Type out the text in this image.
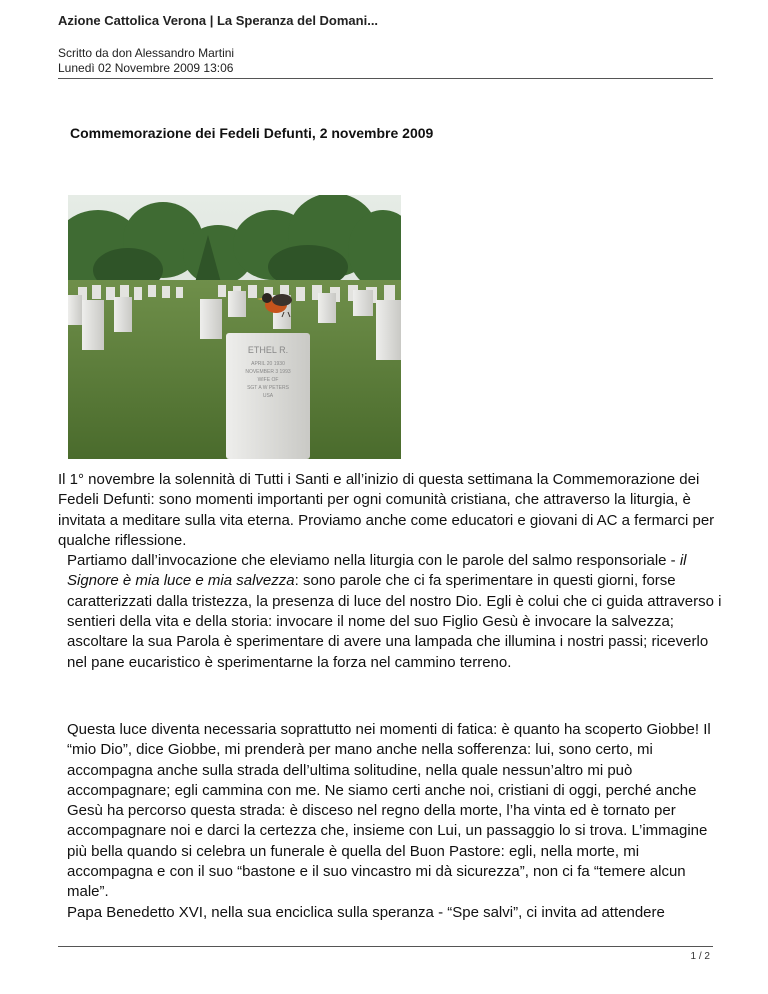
Azione Cattolica Verona | La Speranza del Domani...
Scritto da don Alessandro Martini
Lunedì 02 Novembre 2009 13:06
Commemorazione dei Fedeli Defunti, 2 novembre 2009
ETHEL R.
APRIL 20 1930
NOVEMBER 3 1993
WIFE OF
SGT A W PETERS
USA

Il 1° novembre la solennità di Tutti i Santi e all’inizio di questa settimana la Commemorazione dei Fedeli Defunti: sono momenti importanti per ogni comunità cristiana, che attraverso la liturgia, è invitata a meditare sulla vita eterna. Proviamo anche come educatori e giovani di AC a fermarci per qualche riflessione.

Partiamo dall’invocazione che eleviamo nella liturgia con le parole del salmo responsoriale - il Signore è mia luce e mia salvezza: sono parole che ci fa sperimentare in questi giorni, forse caratterizzati dalla tristezza, la presenza di luce del nostro Dio. Egli è colui che ci guida attraverso i sentieri della vita e della storia: invocare il nome del suo Figlio Gesù è invocare la salvezza; ascoltare la sua Parola è sperimentare di avere una lampada che illumina i nostri passi; riceverlo nel pane eucaristico è sperimentarne la forza nel cammino terreno.

Questa luce diventa necessaria soprattutto nei momenti di fatica: è quanto ha scoperto Giobbe! Il “mio Dio”, dice Giobbe, mi prenderà per mano anche nella sofferenza: lui, sono certo, mi accompagna anche sulla strada dell’ultima solitudine, nella quale nessun’altro mi può accompagnare; egli cammina con me. Ne siamo certi anche noi, cristiani di oggi, perché anche Gesù ha percorso questa strada: è disceso nel regno della morte, l’ha vinta ed è tornato per accompagnare noi e darci la certezza che, insieme con Lui, un passaggio lo si trova. L’immagine più bella quando si celebra un funerale è quella del Buon Pastore: egli, nella morte, mi accompagna e con il suo “bastone e il suo vincastro mi dà sicurezza”, non ci fa “temere alcun male”.

Papa Benedetto XVI, nella sua enciclica sulla speranza - “Spe salvi”, ci invita ad attendere

1 / 2
